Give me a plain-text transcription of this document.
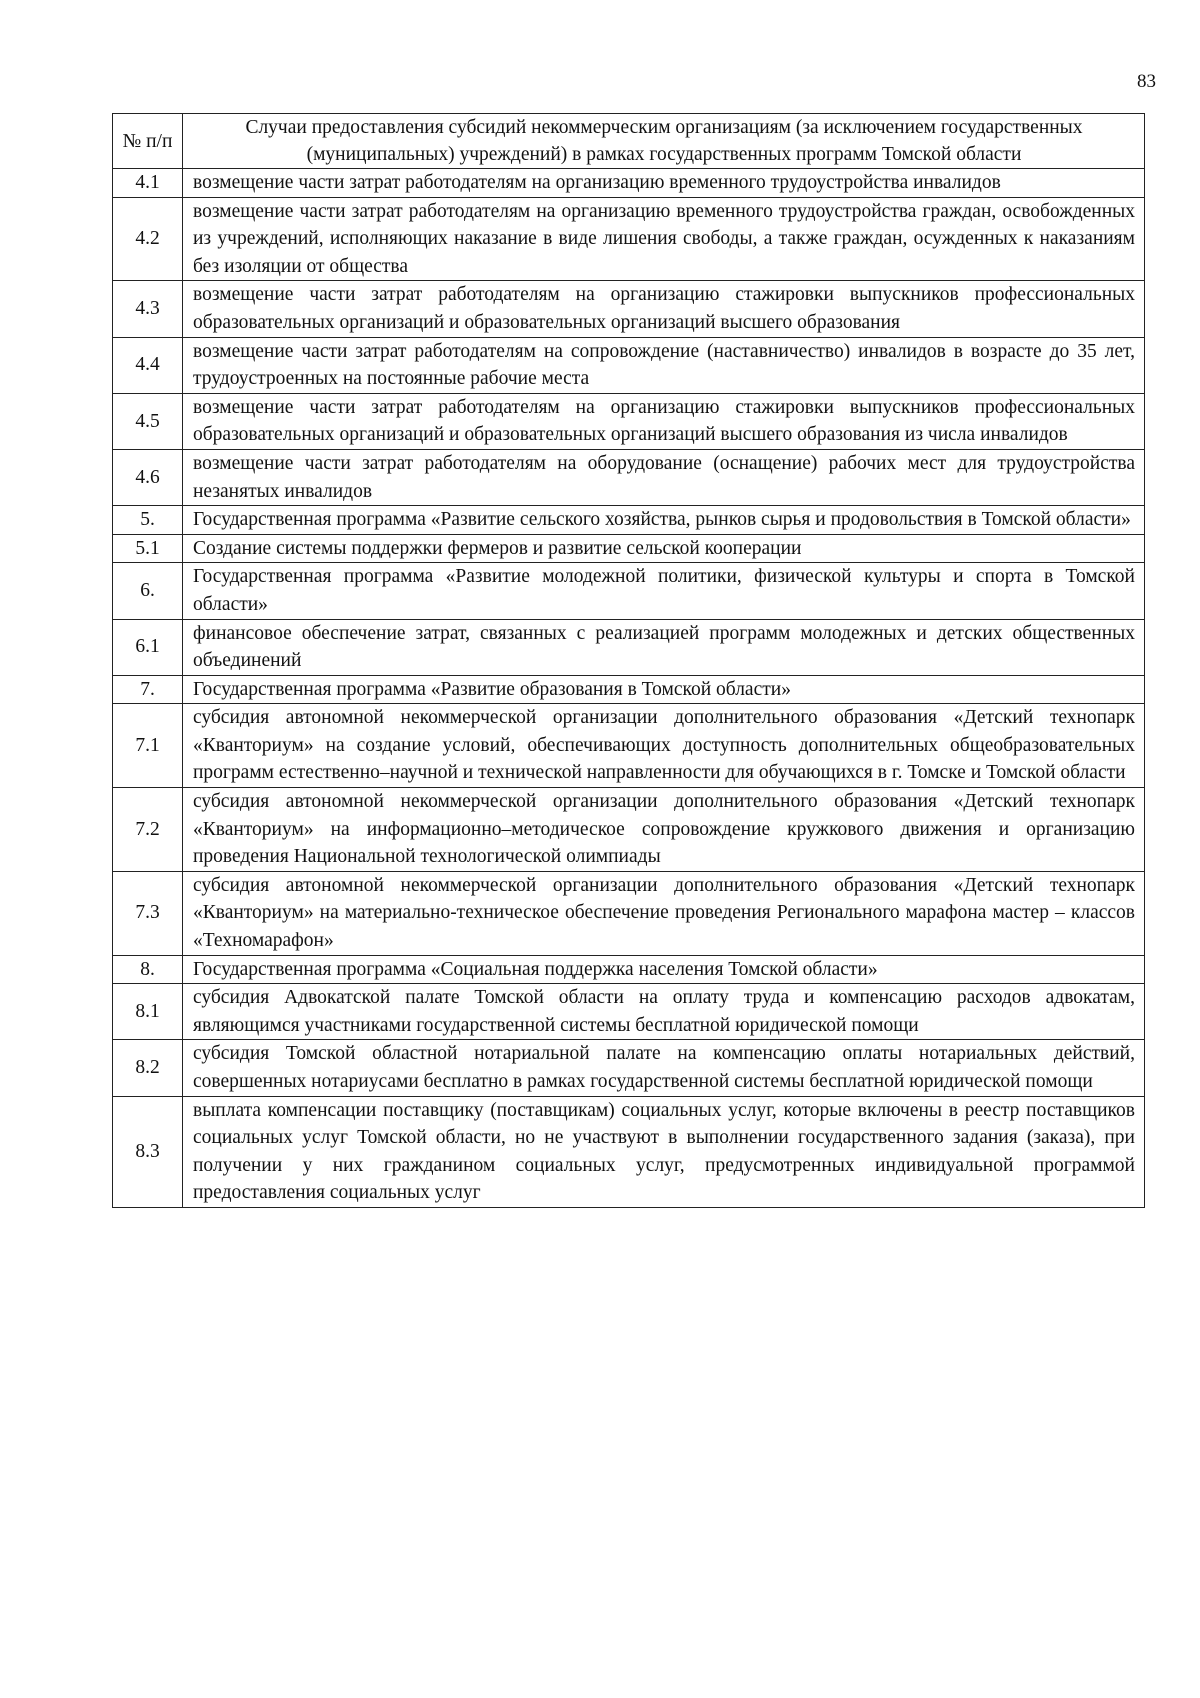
83
№ п/п	Случаи предоставления субсидий некоммерческим организациям (за исключением государственных (муниципальных) учреждений) в рамках государственных программ Томской области
4.1	возмещение части затрат работодателям на организацию временного трудоустройства инвалидов
4.2	возмещение части затрат работодателям на организацию временного трудоустройства граждан, освобожденных из учреждений, исполняющих наказание в виде лишения свободы, а также граждан, осужденных к наказаниям без изоляции от общества
4.3	возмещение части затрат работодателям на организацию стажировки выпускников профессиональных образовательных организаций и образовательных организаций высшего образования
4.4	возмещение части затрат работодателям на сопровождение (наставничество) инвалидов в возрасте до 35 лет, трудоустроенных на постоянные рабочие места
4.5	возмещение части затрат работодателям на организацию стажировки выпускников профессиональных образовательных организаций и образовательных организаций высшего образования из числа инвалидов
4.6	возмещение части затрат работодателям на оборудование (оснащение) рабочих мест для трудоустройства незанятых инвалидов
5.	Государственная программа «Развитие сельского хозяйства, рынков сырья и продовольствия в Томской области»
5.1	Создание системы поддержки фермеров и развитие сельской кооперации
6.	Государственная программа «Развитие молодежной политики, физической культуры и спорта в Томской области»
6.1	финансовое обеспечение затрат, связанных с реализацией программ молодежных и детских общественных объединений
7.	Государственная программа «Развитие образования в Томской области»
7.1	субсидия автономной некоммерческой организации дополнительного образования «Детский технопарк «Кванториум» на создание условий, обеспечивающих доступность дополнительных общеобразовательных программ естественно–научной и технической направленности для обучающихся в г. Томске и Томской области
7.2	субсидия автономной некоммерческой организации дополнительного образования «Детский технопарк «Кванториум» на информационно–методическое сопровождение кружкового движения и организацию проведения Национальной технологической олимпиады
7.3	субсидия автономной некоммерческой организации дополнительного образования «Детский технопарк «Кванториум» на материально-техническое обеспечение проведения Регионального марафона мастер – классов «Техномарафон»
8.	Государственная программа «Социальная поддержка населения Томской области»
8.1	субсидия Адвокатской палате Томской области на оплату труда и компенсацию расходов адвокатам, являющимся участниками государственной системы бесплатной юридической помощи
8.2	субсидия Томской областной нотариальной палате на компенсацию оплаты нотариальных действий, совершенных нотариусами бесплатно в рамках государственной системы бесплатной юридической помощи
8.3	выплата компенсации поставщику (поставщикам) социальных услуг, которые включены в реестр поставщиков социальных услуг Томской области, но не участвуют в выполнении государственного задания (заказа), при получении у них гражданином социальных услуг, предусмотренных индивидуальной программой предоставления социальных услуг
